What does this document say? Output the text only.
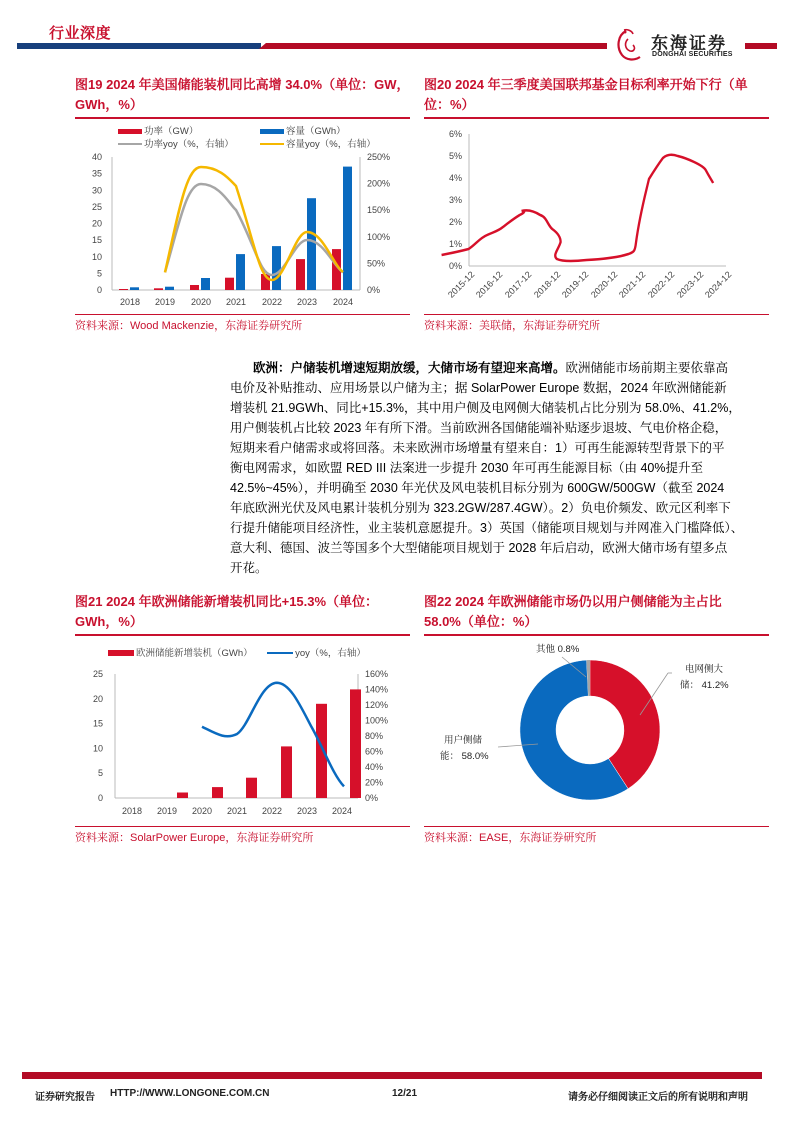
行业深度
东海证券
DONGHAI SECURITIES
图19 2024 年美国储能装机同比高增 34.0%（单位：GW，
GWh，%）
功率（GW）	容量（GWh）
功率yoy（%，右轴）	容量yoy（%，右轴）
0
5
10
15
20
25
30
35
40
0%
50%
100%
150%
200%
250%
2018 2019 2020 2021 2022 2023 2024
资料来源：Wood Mackenzie，东海证券研究所
图20 2024 年三季度美国联邦基金目标利率开始下行（单
位：%）
0%
1%
2%
3%
4%
5%
6%
2015-12
2016-12
2017-12
2018-12
2019-12
2020-12
2021-12
2022-12
2023-12
2024-12
资料来源：美联储，东海证券研究所
欧洲：户储装机增速短期放缓，大储市场有望迎来高增。欧洲储能市场前期主要依靠高
电价及补贴推动、应用场景以户储为主；据 SolarPower Europe 数据，2024 年欧洲储能新
增装机 21.9GWh、同比+15.3%，其中用户侧及电网侧大储装机占比分别为 58.0%、41.2%，
用户侧装机占比较 2023 年有所下滑。当前欧洲各国储能端补贴逐步退坡、气电价格企稳，
短期来看户储需求或将回落。未来欧洲市场增量有望来自：1）可再生能源转型背景下的平
衡电网需求，如欧盟 RED III 法案进一步提升 2030 年可再生能源目标（由 40%提升至
42.5%~45%），并明确至 2030 年光伏及风电装机目标分别为 600GW/500GW（截至 2024
年底欧洲光伏及风电累计装机分别为 323.2GW/287.4GW）。2）负电价频发、欧元区利率下
行提升储能项目经济性，业主装机意愿提升。3）英国（储能项目规划与并网准入门槛降低）、
意大利、德国、波兰等国多个大型储能项目规划于 2028 年后启动，欧洲大储市场有望多点
开花。
图21 2024 年欧洲储能新增装机同比+15.3%（单位：
GWh，%）
欧洲储能新增装机（GWh）	yoy（%，右轴）
0
5
10
15
20
25
0%
20%
40%
60%
80%
100%
120%
140%
160%
2018 2019 2020 2021 2022 2023 2024
资料来源：SolarPower Europe，东海证券研究所
图22 2024 年欧洲储能市场仍以用户侧储能为主占比
58.0%（单位：%）
其他 0.8%
电网侧大
储： 41.2%
用户侧储
能： 58.0%
资料来源：EASE，东海证券研究所
证券研究报告 HTTP://WWW.LONGONE.COM.CN	12/21	请务必仔细阅读正文后的所有说明和声明
